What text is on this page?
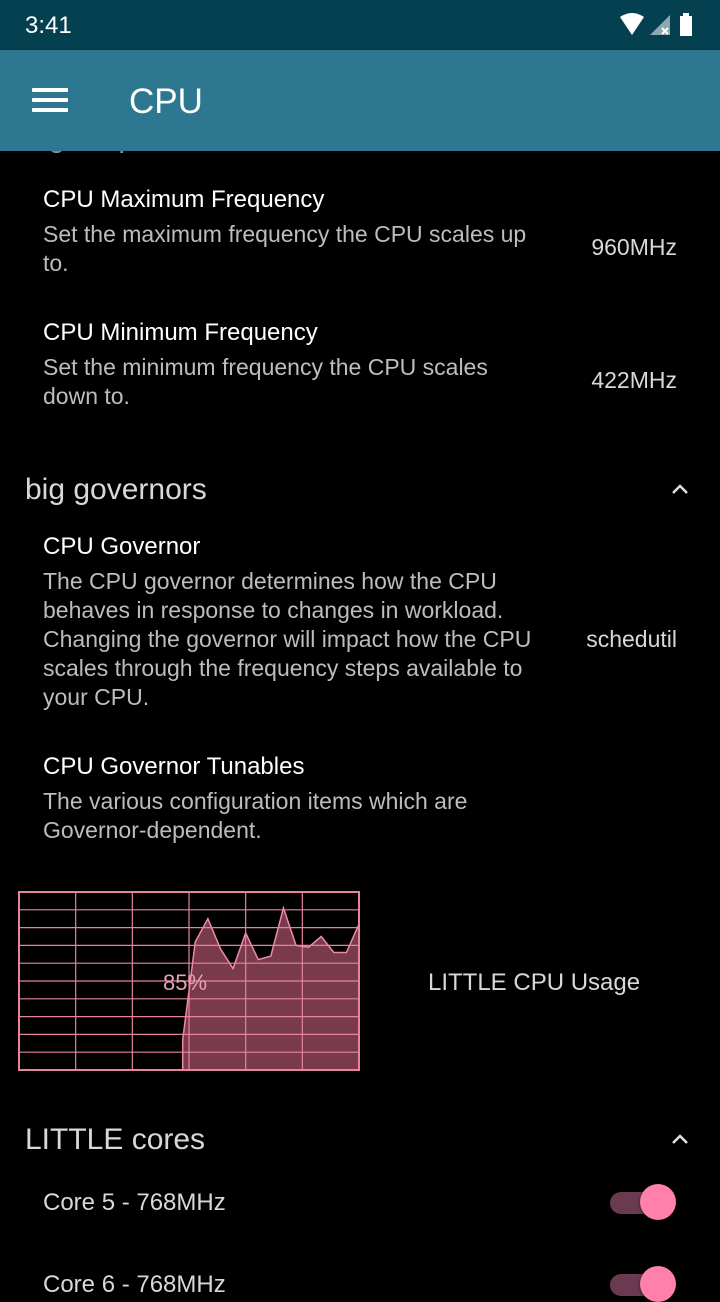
3:41
CPU
CPU Maximum Frequency
Set the maximum frequency the CPU scales up to.
960MHz
CPU Minimum Frequency
Set the minimum frequency the CPU scales down to.
422MHz
big governors
CPU Governor
The CPU governor determines how the CPU behaves in response to changes in workload. Changing the governor will impact how the CPU scales through the frequency steps available to your CPU.
schedutil
CPU Governor Tunables
The various configuration items which are Governor-dependent.
85%	LITTLE CPU Usage
LITTLE cores
Core 5 - 768MHz
Core 6 - 768MHz
